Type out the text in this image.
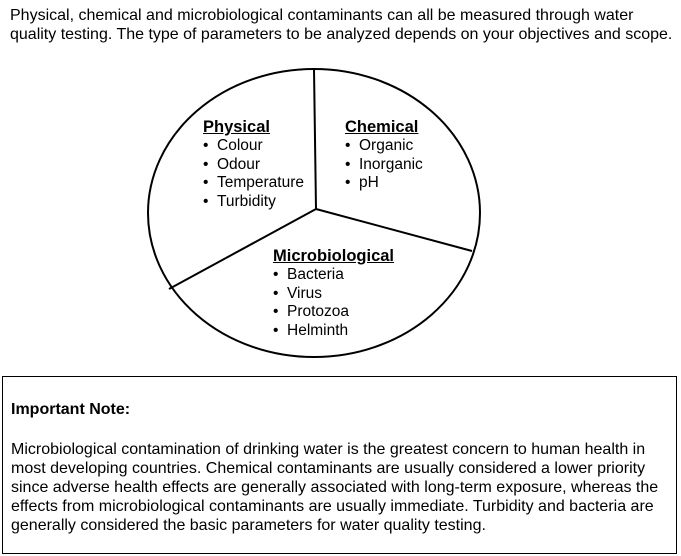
Physical, chemical and microbiological contaminants can all be measured through water quality testing. The type of parameters to be analyzed depends on your objectives and scope.

Physical
• Colour
• Odour
• Temperature
• Turbidity
Chemical
• Organic
• Inorganic
• pH
Microbiological
• Bacteria
• Virus
• Protozoa
• Helminth

Important Note:

Microbiological contamination of drinking water is the greatest concern to human health in most developing countries. Chemical contaminants are usually considered a lower priority since adverse health effects are generally associated with long-term exposure, whereas the effects from microbiological contaminants are usually immediate. Turbidity and bacteria are generally considered the basic parameters for water quality testing.
